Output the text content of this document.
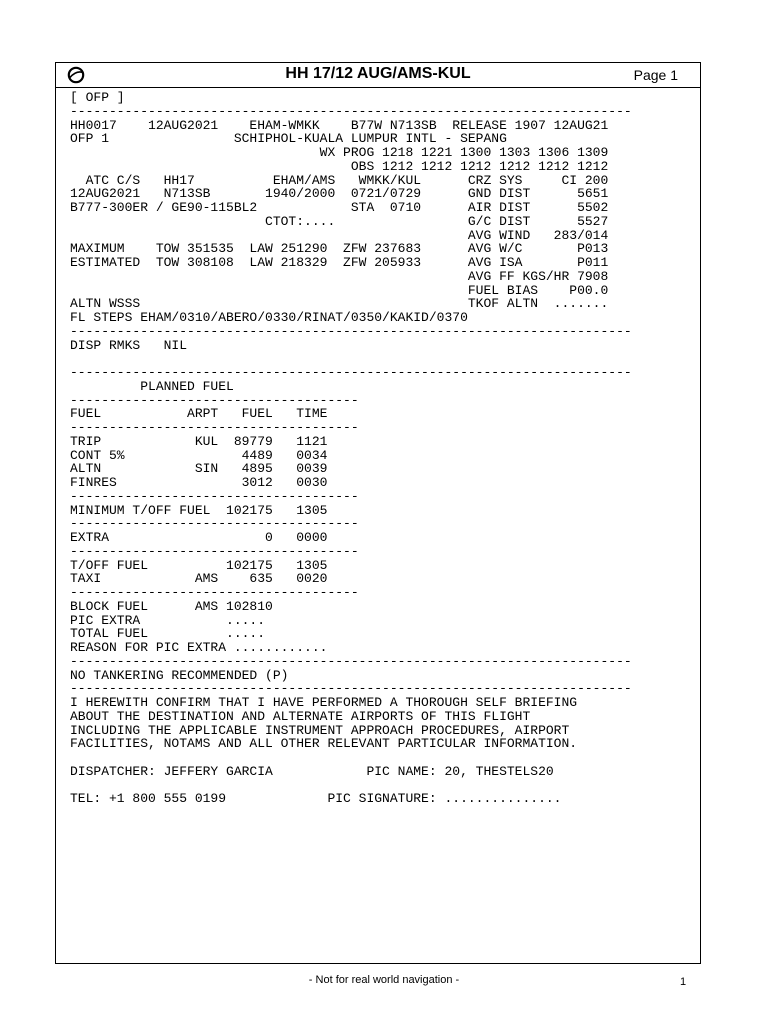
HH 17/12 AUG/AMS-KUL	Page 1
[ OFP ]
------------------------------------------------------------------------
HH0017    12AUG2021    EHAM-WMKK    B77W N713SB  RELEASE 1907 12AUG21
OFP 1                SCHIPHOL-KUALA LUMPUR INTL - SEPANG
WX PROG 1218 1221 1300 1303 1306 1309
OBS 1212 1212 1212 1212 1212 1212
ATC C/S   HH17          EHAM/AMS   WMKK/KUL      CRZ SYS     CI 200
12AUG2021   N713SB       1940/2000  0721/0729      GND DIST      5651
B777-300ER / GE90-115BL2            STA  0710      AIR DIST      5502
CTOT:....                 G/C DIST      5527
AVG WIND   283/014
MAXIMUM    TOW 351535  LAW 251290  ZFW 237683      AVG W/C       P013
ESTIMATED  TOW 308108  LAW 218329  ZFW 205933      AVG ISA       P011
AVG FF KGS/HR 7908
FUEL BIAS    P00.0
ALTN WSSS                                          TKOF ALTN  .......
FL STEPS EHAM/0310/ABERO/0330/RINAT/0350/KAKID/0370
------------------------------------------------------------------------
DISP RMKS   NIL

------------------------------------------------------------------------
PLANNED FUEL
-------------------------------------
FUEL           ARPT   FUEL   TIME
-------------------------------------
TRIP            KUL  89779   1121
CONT 5%               4489   0034
ALTN            SIN   4895   0039
FINRES                3012   0030
-------------------------------------
MINIMUM T/OFF FUEL  102175   1305
-------------------------------------
EXTRA                    0   0000
-------------------------------------
T/OFF FUEL          102175   1305
TAXI            AMS    635   0020
-------------------------------------
BLOCK FUEL      AMS 102810
PIC EXTRA           .....
TOTAL FUEL          .....
REASON FOR PIC EXTRA ............
------------------------------------------------------------------------
NO TANKERING RECOMMENDED (P)
------------------------------------------------------------------------
I HEREWITH CONFIRM THAT I HAVE PERFORMED A THOROUGH SELF BRIEFING
ABOUT THE DESTINATION AND ALTERNATE AIRPORTS OF THIS FLIGHT
INCLUDING THE APPLICABLE INSTRUMENT APPROACH PROCEDURES, AIRPORT
FACILITIES, NOTAMS AND ALL OTHER RELEVANT PARTICULAR INFORMATION.

DISPATCHER: JEFFERY GARCIA            PIC NAME: 20, THESTELS20

TEL: +1 800 555 0199             PIC SIGNATURE: ...............

- Not for real world navigation -	1
